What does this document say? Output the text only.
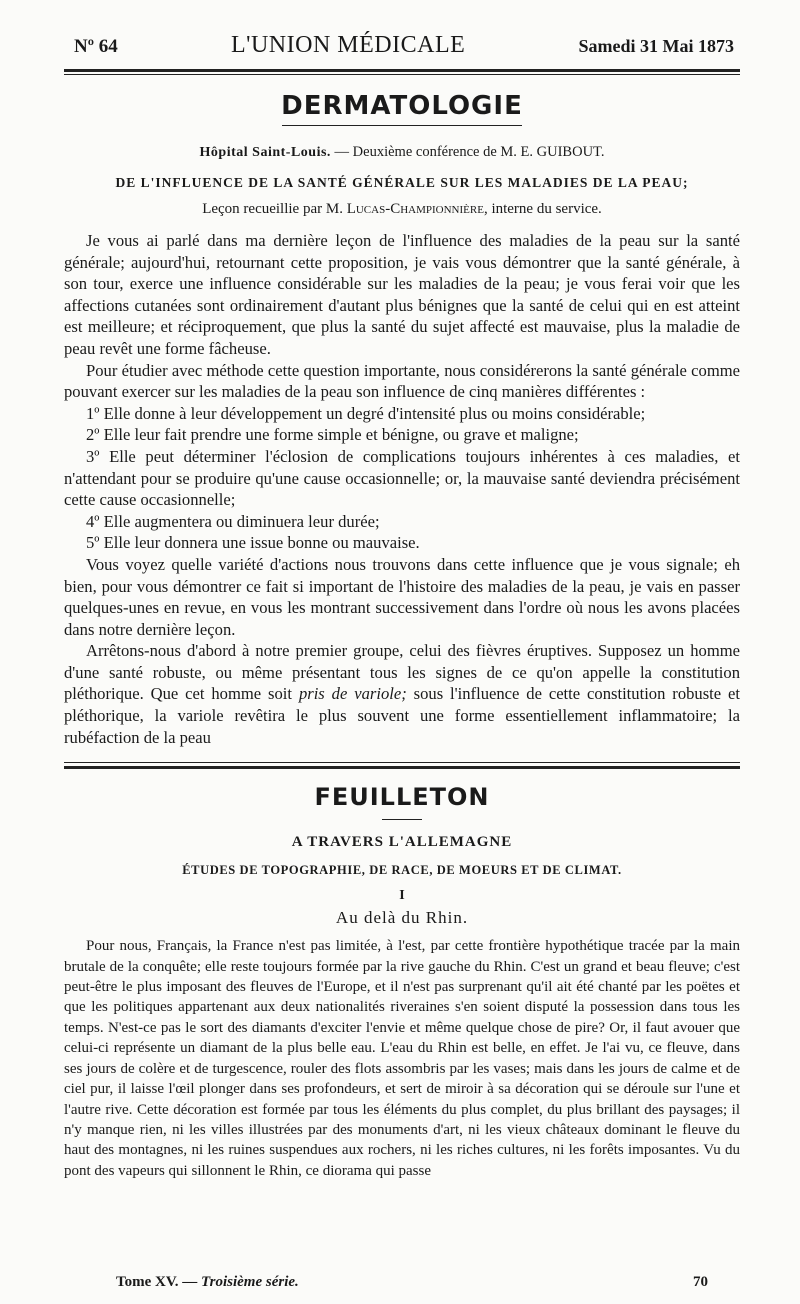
Nº 64	L'UNION MÉDICALE	Samedi 31 Mai 1873
DERMATOLOGIE
Hôpital Saint-Louis. — Deuxième conférence de M. E. GUIBOUT.
DE L'INFLUENCE DE LA SANTÉ GÉNÉRALE SUR LES MALADIES DE LA PEAU;
Leçon recueillie par M. Lucas-Championnière, interne du service.

Je vous ai parlé dans ma dernière leçon de l'influence des maladies de la peau sur la santé générale; aujourd'hui, retournant cette proposition, je vais vous démontrer que la santé générale, à son tour, exerce une influence considérable sur les maladies de la peau; je vous ferai voir que les affections cutanées sont ordinairement d'autant plus bénignes que la santé de celui qui en est atteint est meilleure; et réciproquement, que plus la santé du sujet affecté est mauvaise, plus la maladie de peau revêt une forme fâcheuse.

Pour étudier avec méthode cette question importante, nous considérerons la santé générale comme pouvant exercer sur les maladies de la peau son influence de cinq manières différentes :

1º Elle donne à leur développement un degré d'intensité plus ou moins considérable;

2º Elle leur fait prendre une forme simple et bénigne, ou grave et maligne;

3º Elle peut déterminer l'éclosion de complications toujours inhérentes à ces maladies, et n'attendant pour se produire qu'une cause occasionnelle; or, la mauvaise santé deviendra précisément cette cause occasionnelle;

4º Elle augmentera ou diminuera leur durée;

5º Elle leur donnera une issue bonne ou mauvaise.

Vous voyez quelle variété d'actions nous trouvons dans cette influence que je vous signale; eh bien, pour vous démontrer ce fait si important de l'histoire des maladies de la peau, je vais en passer quelques-unes en revue, en vous les montrant successivement dans l'ordre où nous les avons placées dans notre dernière leçon.

Arrêtons-nous d'abord à notre premier groupe, celui des fièvres éruptives. Supposez un homme d'une santé robuste, ou même présentant tous les signes de ce qu'on appelle la constitution pléthorique. Que cet homme soit pris de variole; sous l'influence de cette constitution robuste et pléthorique, la variole revêtira le plus souvent une forme essentiellement inflammatoire; la rubéfaction de la peau

FEUILLETON
A TRAVERS L'ALLEMAGNE
ÉTUDES DE TOPOGRAPHIE, DE RACE, DE MOEURS ET DE CLIMAT.
I
Au delà du Rhin.

Pour nous, Français, la France n'est pas limitée, à l'est, par cette frontière hypothétique tracée par la main brutale de la conquête; elle reste toujours formée par la rive gauche du Rhin. C'est un grand et beau fleuve; c'est peut-être le plus imposant des fleuves de l'Europe, et il n'est pas surprenant qu'il ait été chanté par les poëtes et que les politiques appartenant aux deux nationalités riveraines s'en soient disputé la possession dans tous les temps. N'est-ce pas le sort des diamants d'exciter l'envie et même quelque chose de pire? Or, il faut avouer que celui-ci représente un diamant de la plus belle eau. L'eau du Rhin est belle, en effet. Je l'ai vu, ce fleuve, dans ses jours de colère et de turgescence, rouler des flots assombris par les vases; mais dans les jours de calme et de ciel pur, il laisse l'œil plonger dans ses profondeurs, et sert de miroir à sa décoration qui se déroule sur l'une et l'autre rive. Cette décoration est formée par tous les éléments du plus complet, du plus brillant des paysages; il n'y manque rien, ni les villes illustrées par des monuments d'art, ni les vieux châteaux dominant le fleuve du haut des montagnes, ni les ruines suspendues aux rochers, ni les riches cultures, ni les forêts imposantes. Vu du pont des vapeurs qui sillonnent le Rhin, ce diorama qui passe

Tome XV. — Troisième série.	70
